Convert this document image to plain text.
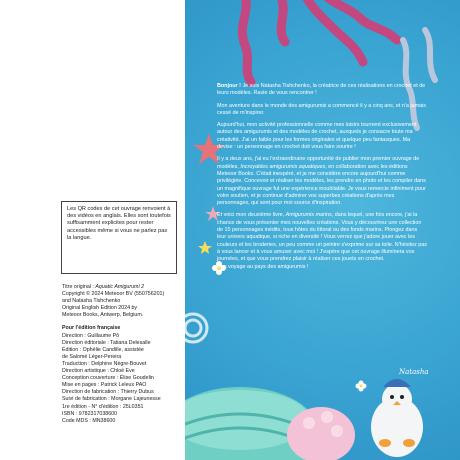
Les QR codes de cet ouvrage renvoient à des vidéos en anglais. Elles sont toutefois suffisamment explicites pour rester accessibles même si vous ne parlez pas la langue.

Titre original : Aquatic Amigurumi 2

Copyright © 2024 Meteoor BV (550756201)

and Natasha Tishchenko

Original English Edition 2024 by

Meteoor Books, Antwerp, Belgium.

Pour l'édition française

Direction : Guillaume Pô

Direction éditoriale : Tatiana Delesalle

Édition : Ophélie Candille, assistée

de Salomé Léger-Pereira

Traduction : Delphine Nègre-Bouvet

Direction artistique : Chloé Eve

Conception couverture : Élise Goudelin

Mise en pages : Patrick Leleux PAO

Direction de fabrication : Thierry Dubus

Suivi de fabrication : Morgane Lajeunesse

1re édition - N° d'édition : 25L0351

ISBN : 9782317038600

Code MDS : MN38600

Bonjour ! Je suis Natasha Tishchenko, la créatrice de ces réalisations en crochet et de leurs modèles. Ravie de vous rencontrer !

Mon aventure dans le monde des amigurumis a commencé il y a cinq ans, et n'a jamais cessé de m'inspirer.

Aujourd'hui, mon activité professionnelle comme mes loisirs tournent exclusivement autour des amigurumis et des modèles de crochet, auxquels je consacre toute ma créativité. J'ai un faible pour les formes originales et quelque peu fantasques. Ma devise : un personnage en crochet doit vous faire sourire !

Il y a deux ans, j'ai eu l'extraordinaire opportunité de publier mon premier ouvrage de modèles, Incroyables amigurumis aquatiques, en collaboration avec les éditions Meteoor Books. C'était inespéré, et je me considère encore aujourd'hui comme privilégiée. Concevoir et réaliser les modèles, les prendre en photo et les compiler dans un magnifique ouvrage fut une expérience inoubliable. Je vous remercie infiniment pour votre soutien, et je continue d'admirer vos superbes créations d'après mes personnages, qui sont pour moi source d'inspiration.

Et voici mon deuxième livre, Amigurumis marins, dans lequel, une fois encore, j'ai la chance de vous présenter mes nouvelles créations. Vous y découvrirez une collection de 15 personnages inédits, tous hôtes du littoral ou des fonds marins. Plongez dans leur univers aquatique, si riche en diversité ! Vous verrez que j'adore jouer avec les couleurs et les broderies, un peu comme un peintre s'exprime sur sa toile. N'hésitez pas à vous lancer et à vous amuser avec moi ! J'espère que cet ouvrage illuminera vos journées, et que vous prendrez plaisir à réaliser ces jouets en crochet.

Bon voyage au pays des amigurumis !

Natasha
